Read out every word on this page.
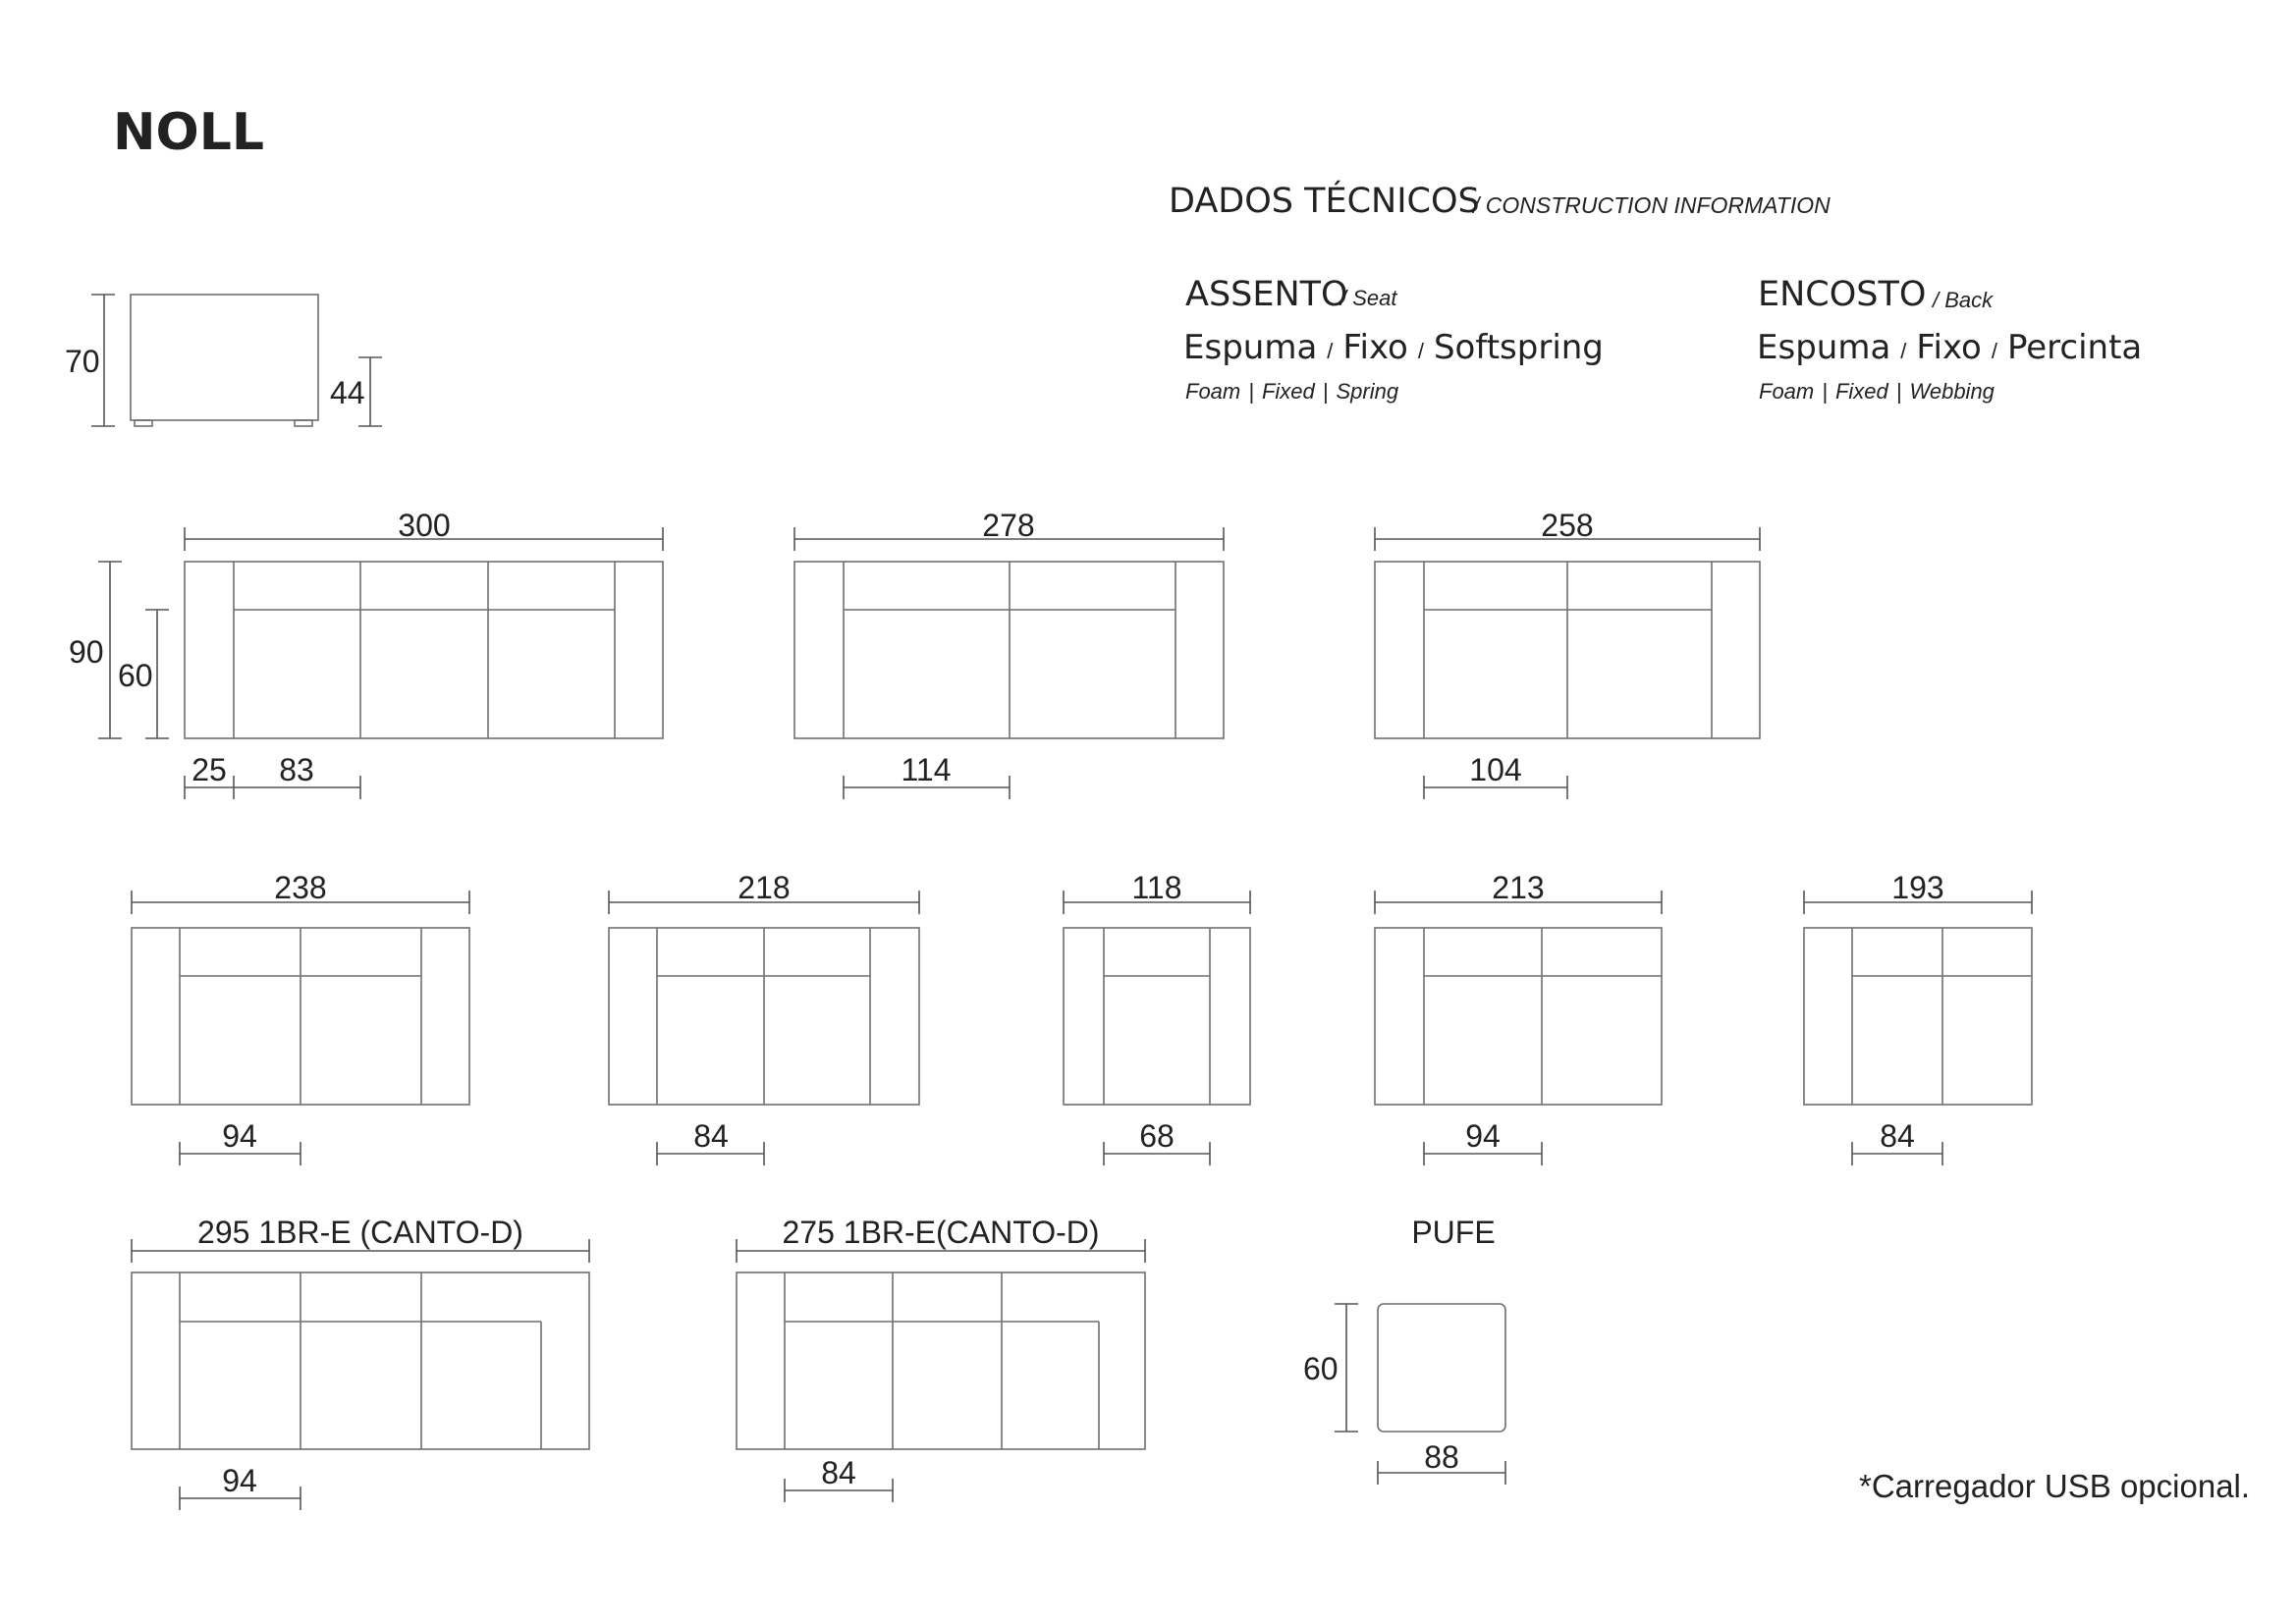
NOLL
DADOS TÉCNICOS
/ CONSTRUCTION INFORMATION
ASSENTO
/ Seat
Espuma / Fixo / Softspring
Foam | Fixed | Spring
ENCOSTO / Back
Espuma / Fixo / Percinta
Foam | Fixed | Webbing
*Carregador USB opcional.
70
44
300
90
60
25 83
278
114
258
104
238
94
218
84
118
68
213
94
193
84
295 1BR-E (CANTO-D)
94
275 1BR-E(CANTO-D)
84
PUFE
60
88
